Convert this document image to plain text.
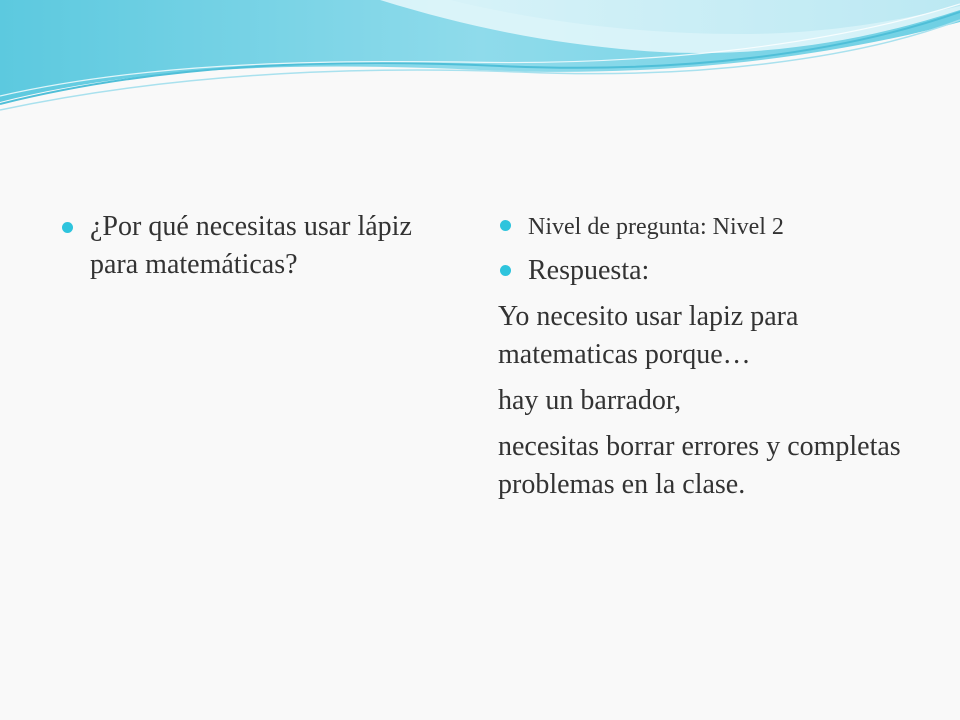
¿Por qué necesitas usar lápiz para matemáticas?
Nivel de pregunta: Nivel 2
Respuesta:
Yo necesito usar lapiz para matematicas porque…
hay un barrador,
necesitas borrar errores y completas problemas en la clase.
